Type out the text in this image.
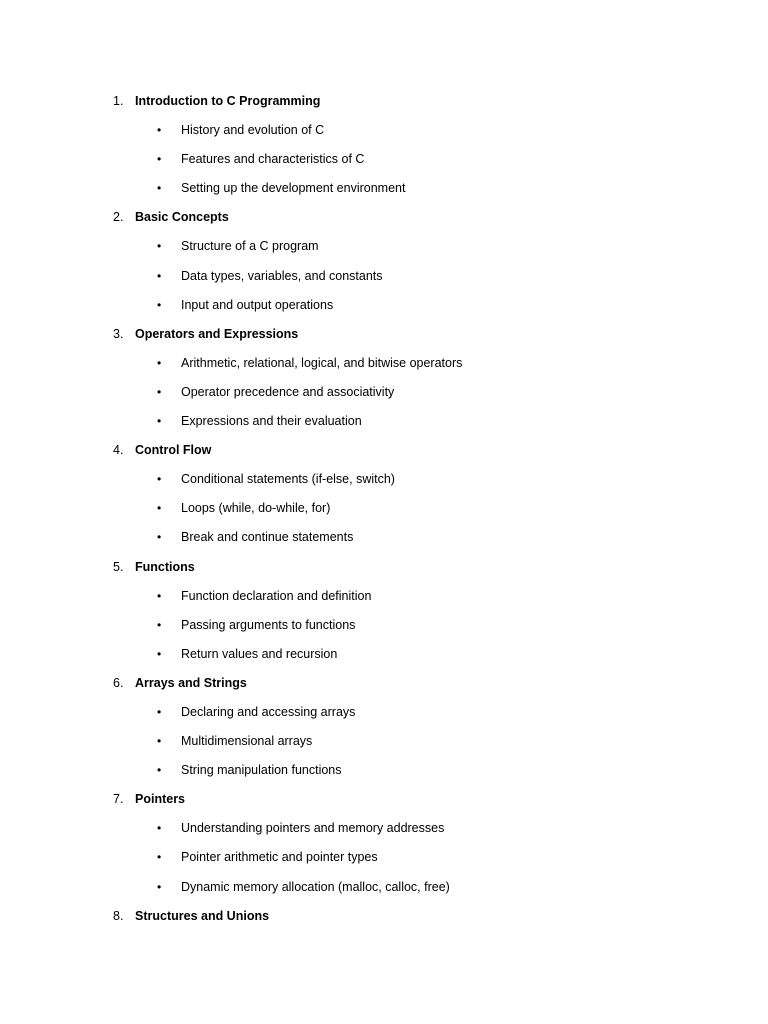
1. Introduction to C Programming
• History and evolution of C
• Features and characteristics of C
• Setting up the development environment
2. Basic Concepts
• Structure of a C program
• Data types, variables, and constants
• Input and output operations
3. Operators and Expressions
• Arithmetic, relational, logical, and bitwise operators
• Operator precedence and associativity
• Expressions and their evaluation
4. Control Flow
• Conditional statements (if-else, switch)
• Loops (while, do-while, for)
• Break and continue statements
5. Functions
• Function declaration and definition
• Passing arguments to functions
• Return values and recursion
6. Arrays and Strings
• Declaring and accessing arrays
• Multidimensional arrays
• String manipulation functions
7. Pointers
• Understanding pointers and memory addresses
• Pointer arithmetic and pointer types
• Dynamic memory allocation (malloc, calloc, free)
8. Structures and Unions
